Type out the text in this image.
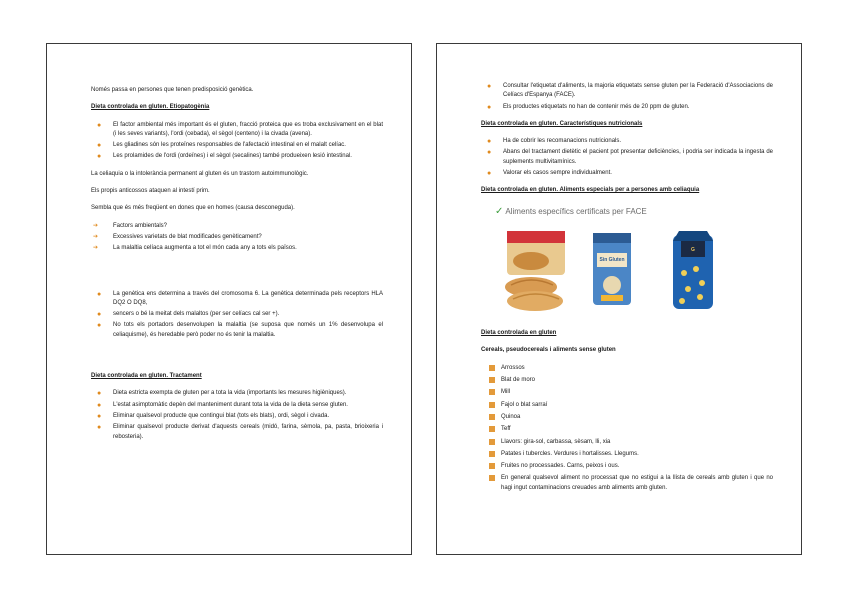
Només passa en persones que tenen predisposició genètica.

Dieta controlada en gluten. Etiopatogènia

● El factor ambiental més important és el gluten, fracció proteica que es troba exclusivament en el blat (i les seves variants), l'ordi (cebada), el sègol (centeno) i la civada (avena).
● Les gliadines són les proteïnes responsables de l'afectació intestinal en el malalt celíac.
● Les prolamides de l'ordi (ordeïnes) i el sègol (secalines) també produeixen lesió intestinal.

La celiaquia o la intolerància permanent al gluten és un trastorn autoimmunològic.

Els propis anticossos ataquen al intestí prim.

Sembla que és més freqüent en dones que en homes (causa desconeguda).

➔ Factors ambientals?
➔ Excessives varietats de blat modificades genèticament?
➔ La malaltia celíaca augmenta a tot el món cada any a tots els països.
● La genètica ens determina a través del cromosoma 6. La genètica determinada pels receptors HLA DQ2 O DQ8,
● sencers o bé la meitat dels malaltos (per ser celíacs cal ser +).
● No tots els portadors desenvolupen la malaltia (se suposa que només un 1% desenvolupa el celiaquisme), és heredable però poder no és tenir la malaltia.

Dieta controlada en gluten. Tractament

● Dieta estricta exempta de gluten per a tota la vida (importants les mesures higièniques).
● L'estat asimptomàtic depèn del manteniment durant tota la vida de la dieta sense gluten.
● Eliminar qualsevol producte que contingui blat (tots els blats), ordi, sègol i civada.
● Eliminar qualsevol producte derivat d'aquests cereals (midó, farina, sèmola, pa, pasta, brioixeria i rebosteria).
● Consultar l'etiquetat d'aliments, la majoria etiquetats sense gluten per la Federació d'Associacions de Celíacs d'Espanya (FACE).
● Els productes etiquetats no han de contenir més de 20 ppm de gluten.

Dieta controlada en gluten. Característiques nutricionals

● Ha de cobrir les recomanacions nutricionals.
● Abans del tractament dietètic el pacient pot presentar deficiències, i podria ser indicada la ingesta de suplements multivitamínics.
● Valorar els casos sempre individualment.

Dieta controlada en gluten. Aliments especials per a persones amb celiaquia

✓ Aliments específics certificats per FACE
Sin Gluten
G

Dieta controlada en gluten

Cereals, pseudocereals i aliments sense gluten

Arrossos
Blat de moro
Mill
Fajol o blat sarraí
Quinoa
Teff
Llavors: gira-sol, carbassa, sèsam, lli, xia
Patates i tubercles. Verdures i hortalisses. Llegums.
Fruites no processades. Carns, peixos i ous.
En general qualsevol aliment no processat que no estigui a la llista de cereals amb gluten i que no hagi ingut contaminacions creuades amb aliments amb gluten.
